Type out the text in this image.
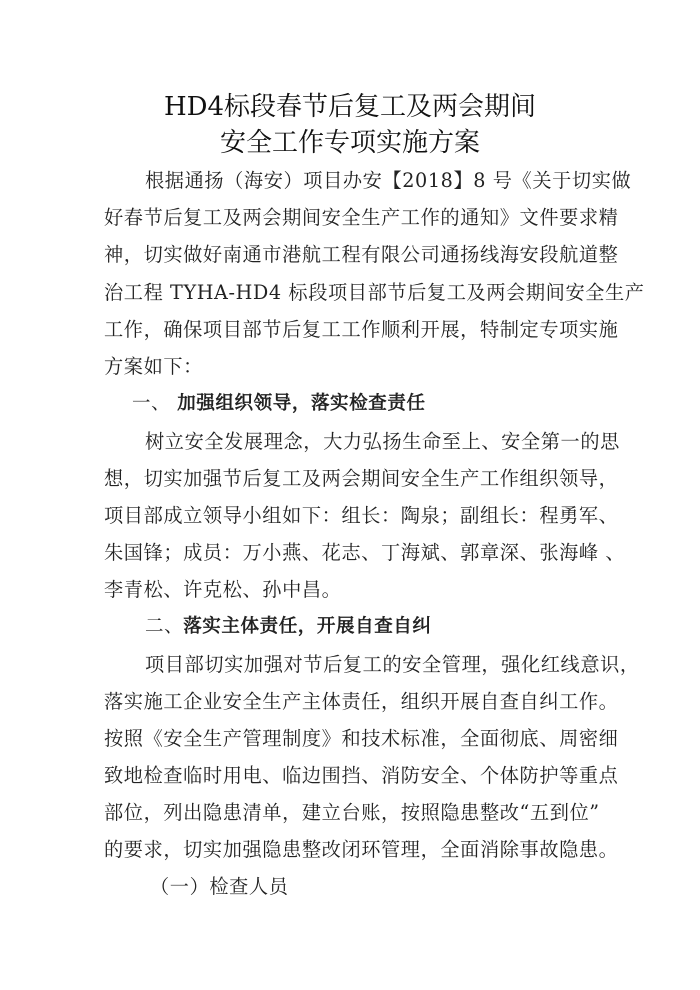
HD4标段春节后复工及两会期间
安全工作专项实施方案
根据通扬（海安）项目办安【2018】8 号《关于切实做
好春节后复工及两会期间安全生产工作的通知》文件要求精
神，切实做好南通市港航工程有限公司通扬线海安段航道整
治工程 TYHA-HD4 标段项目部节后复工及两会期间安全生产
工作，确保项目部节后复工工作顺利开展，特制定专项实施
方案如下：
一、 加强组织领导，落实检查责任
树立安全发展理念，大力弘扬生命至上、安全第一的思
想，切实加强节后复工及两会期间安全生产工作组织领导，
项目部成立领导小组如下：组长：陶泉；副组长：程勇军、
朱国锋；成员：万小燕、花志、丁海斌、郭章深、张海峰 、
李青松、许克松、孙中昌。
二、落实主体责任，开展自查自纠
项目部切实加强对节后复工的安全管理，强化红线意识，
落实施工企业安全生产主体责任，组织开展自查自纠工作。
按照《安全生产管理制度》和技术标准，全面彻底、周密细
致地检查临时用电、临边围挡、消防安全、个体防护等重点
部位，列出隐患清单，建立台账，按照隐患整改“五到位”
的要求，切实加强隐患整改闭环管理，全面消除事故隐患。
（一）检查人员
